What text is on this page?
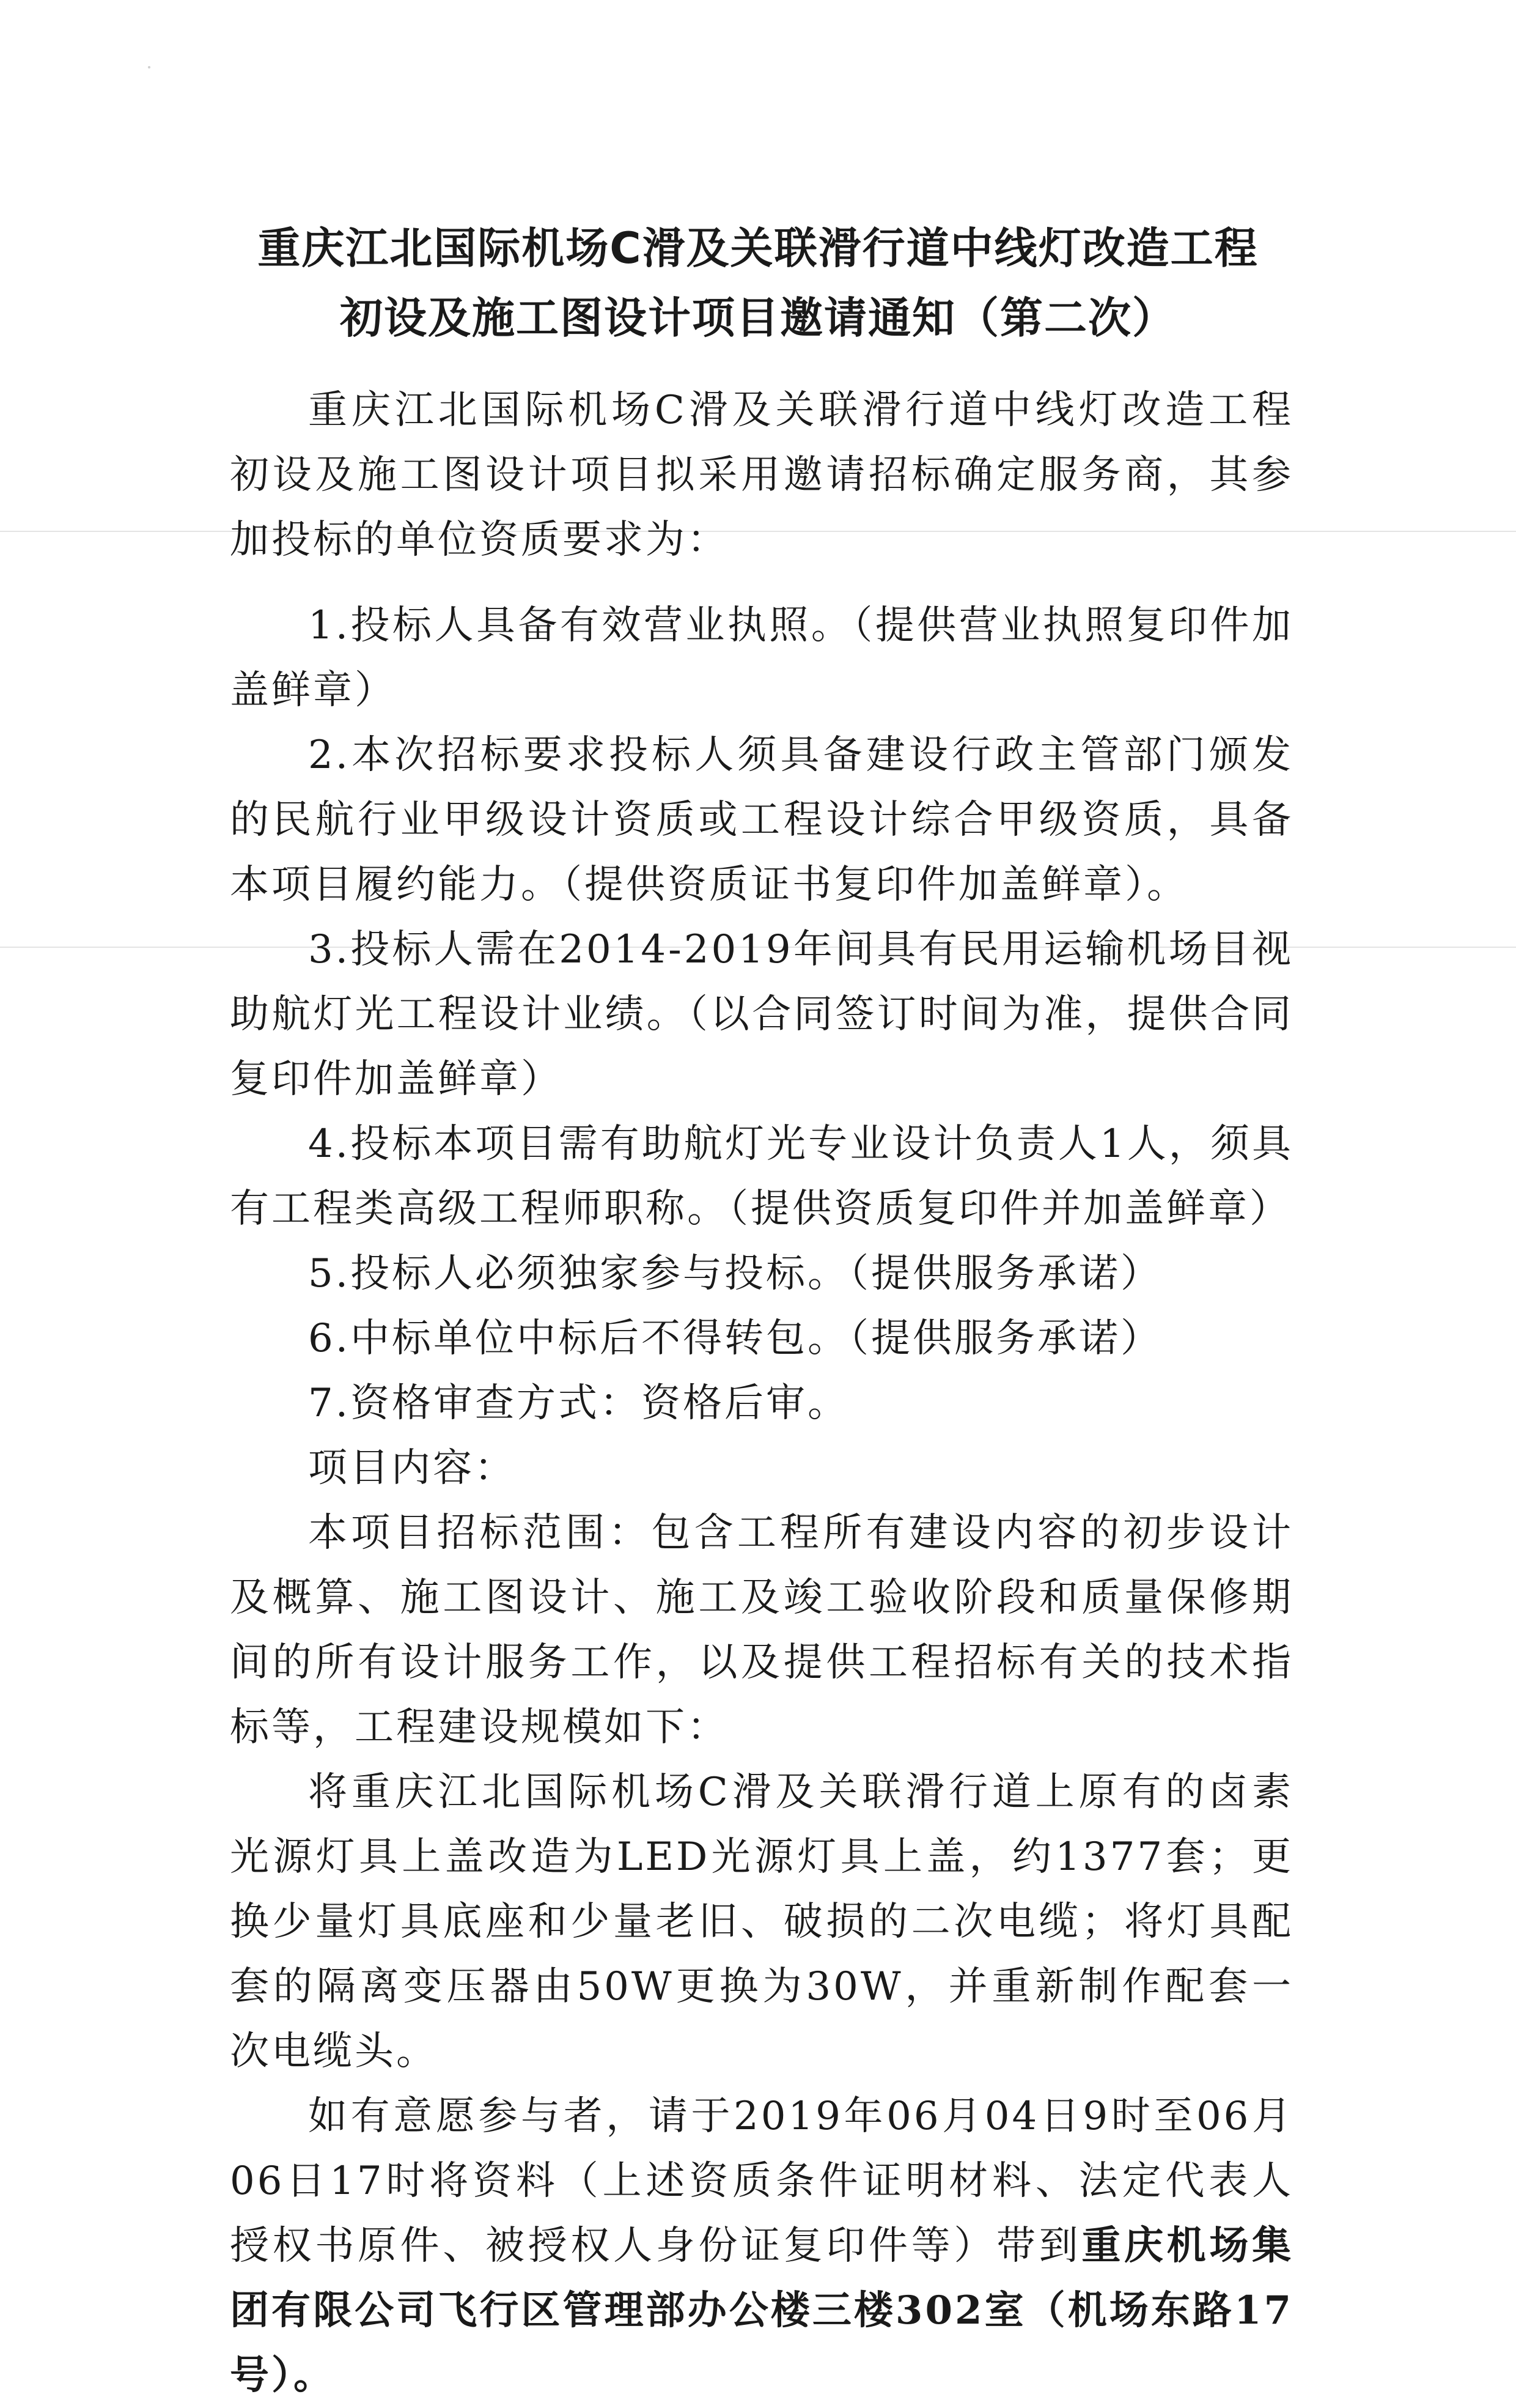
重庆江北国际机场C滑及关联滑行道中线灯改造工程
初设及施工图设计项目邀请通知（第二次）

重庆江北国际机场C滑及关联滑行道中线灯改造工程初设及施工图设计项目拟采用邀请招标确定服务商，其参加投标的单位资质要求为：

1.投标人具备有效营业执照。（提供营业执照复印件加盖鲜章）

2.本次招标要求投标人须具备建设行政主管部门颁发的民航行业甲级设计资质或工程设计综合甲级资质，具备本项目履约能力。（提供资质证书复印件加盖鲜章）。

3.投标人需在2014-2019年间具有民用运输机场目视助航灯光工程设计业绩。（以合同签订时间为准，提供合同复印件加盖鲜章）

4.投标本项目需有助航灯光专业设计负责人1人，须具有工程类高级工程师职称。（提供资质复印件并加盖鲜章）

5.投标人必须独家参与投标。（提供服务承诺）

6.中标单位中标后不得转包。（提供服务承诺）

7.资格审查方式：资格后审。

项目内容：

本项目招标范围：包含工程所有建设内容的初步设计及概算、施工图设计、施工及竣工验收阶段和质量保修期间的所有设计服务工作，以及提供工程招标有关的技术指标等，工程建设规模如下：

将重庆江北国际机场C滑及关联滑行道上原有的卤素光源灯具上盖改造为LED光源灯具上盖，约1377套；更换少量灯具底座和少量老旧、破损的二次电缆；将灯具配套的隔离变压器由50W更换为30W，并重新制作配套一次电缆头。

如有意愿参与者，请于2019年06月04日9时至06月06日17时将资料（上述资质条件证明材料、法定代表人授权书原件、被授权人身份证复印件等）带到重庆机场集团有限公司飞行区管理部办公楼三楼302室（机场东路17号）。
